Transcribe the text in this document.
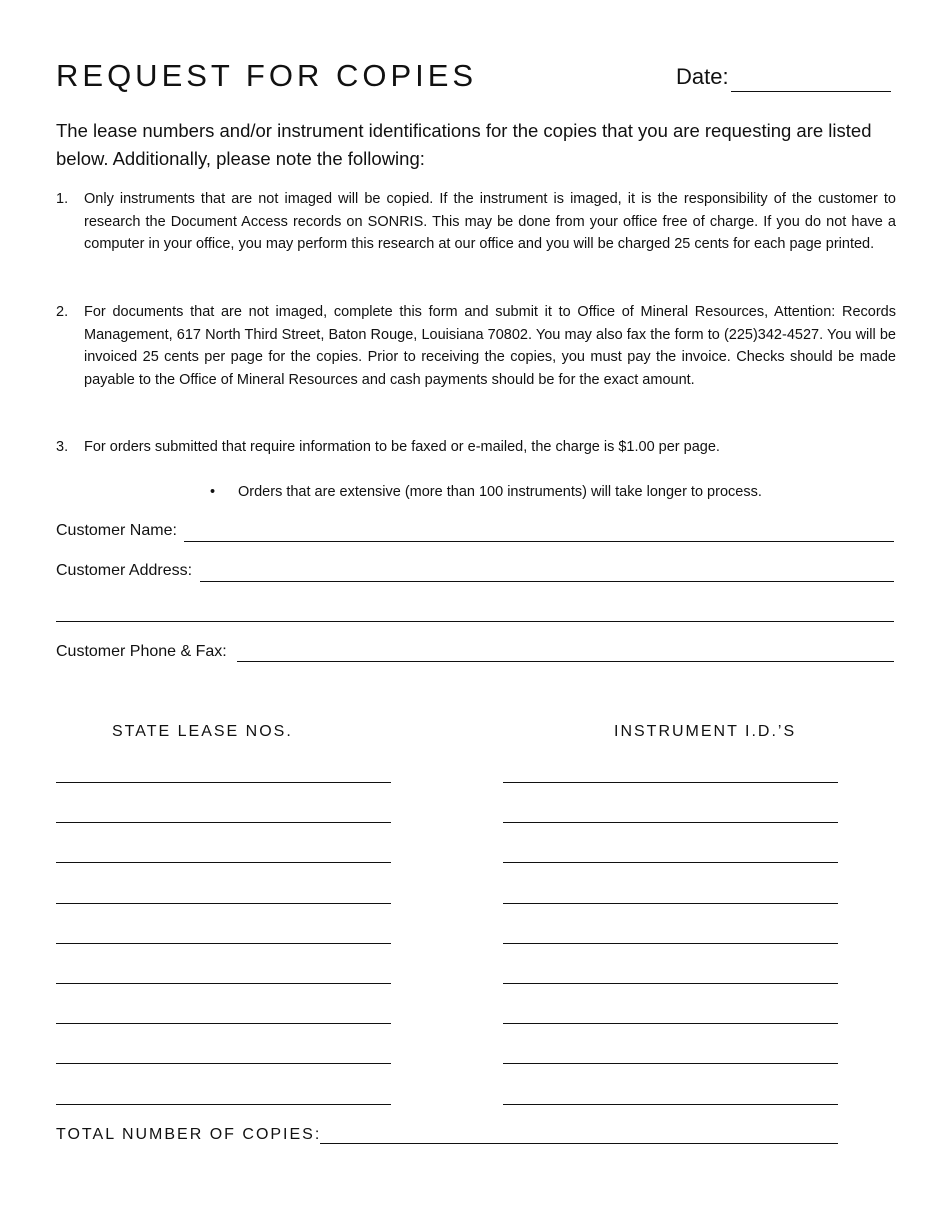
REQUEST FOR COPIES	Date:
The lease numbers and/or instrument identifications for the copies that you are requesting are listed below. Additionally, please note the following:
1. Only instruments that are not imaged will be copied. If the instrument is imaged, it is the responsibility of the customer to research the Document Access records on SONRIS. This may be done from your office free of charge. If you do not have a computer in your office, you may perform this research at our office and you will be charged 25 cents for each page printed.
2. For documents that are not imaged, complete this form and submit it to Office of Mineral Resources, Attention: Records Management, 617 North Third Street, Baton Rouge, Louisiana 70802. You may also fax the form to (225)342-4527. You will be invoiced 25 cents per page for the copies. Prior to receiving the copies, you must pay the invoice. Checks should be made payable to the Office of Mineral Resources and cash payments should be for the exact amount.
3. For orders submitted that require information to be faxed or e-mailed, the charge is $1.00 per page.
• Orders that are extensive (more than 100 instruments) will take longer to process.
Customer Name:
Customer Address:
Customer Phone & Fax:
STATE LEASE NOS.	INSTRUMENT I.D.’S
TOTAL NUMBER OF COPIES:
